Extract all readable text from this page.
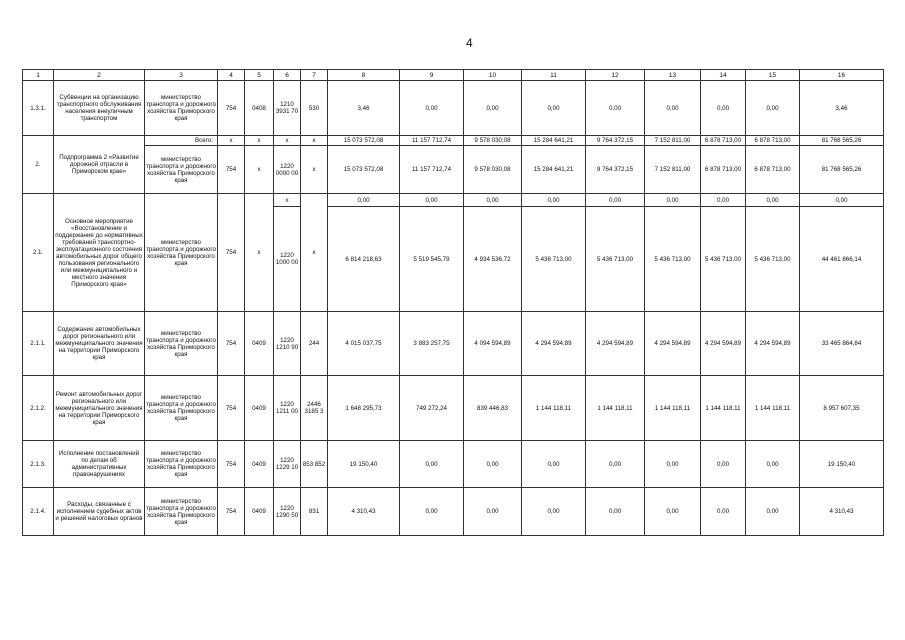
4
1	2	3	4	5	6	7	8	9	10	11	12	13	14	15	16
1.3.1.	Субвенции на организацию транспортного обслуживания населения внеуличным транспортом	министерство транспорта и дорожного хозяйства Приморского края	754	0408	1210 3931 70	530	3,46	0,00	0,00	0,00	0,00	0,00	0,00	0,00	3,46
2.	Подпрограмма 2 «Развитие дорожной отрасли в Приморском крае»	Всего:	x	x	x	x	15 073 572,08	11 157 712,74	9 578 030,08	15 284 641,21	9 764 372,15	7 152 811,00	6 878 713,00	6 878 713,00	81 768 565,26
		министерство транспорта и дорожного хозяйства Приморского края	754	x	1220 0000 00	x	15 073 572,08	11 157 712,74	9 578 030,08	15 284 641,21	9 764 372,15	7 152 811,00	6 878 713,00	6 878 713,00	81 768 565,26
2.1.	Основное мероприятие «Восстановление и поддержание до нормативных требований транспортно-эксплуатационного состояния автомобильных дорог общего пользования регионального или межмуниципального и местного значения Приморского края»	министерство транспорта и дорожного хозяйства Приморского края	754	x	x	x	0,00	0,00	0,00	0,00	0,00	0,00	0,00	0,00	0,00
					1220 1000 00		6 814 218,63	5 519 545,79	4 934 536,72	5 436 713,00	5 436 713,00	5 436 713,00	5 436 713,00	5 436 713,00	44 461 866,14
2.1.1.	Содержание автомобильных дорог регионального или межмуниципального значения на территории Приморского края	министерство транспорта и дорожного хозяйства Приморского края	754	0409	1220 1210 90	244	4 015 037,75	3 883 257,75	4 094 594,89	4 294 594,89	4 294 594,89	4 294 594,89	4 294 594,89	4 294 594,89	33 465 864,84
2.1.2.	Ремонт автомобильных дорог регионального или межмуниципального значения на территории Приморского края	министерство транспорта и дорожного хозяйства Приморского края	754	0409	1220 1211 00	2446 3185 3	1 648 295,73	749 272,24	839 446,83	1 144 118,11	1 144 118,11	1 144 118,11	1 144 118,11	1 144 118,11	8 957 607,35
2.1.3.	Исполнение постановлений по делам об административных правонарушениях	министерство транспорта и дорожного хозяйства Приморского края	754	0409	1220 1229 10	853 852	19 150,40	0,00	0,00	0,00	0,00	0,00	0,00	0,00	19 150,40
2.1.4.	Расходы, связанные с исполнением судебных актов и решений налоговых органов	министерство транспорта и дорожного хозяйства Приморского края	754	0409	1220 1290 50	831	4 310,43	0,00	0,00	0,00	0,00	0,00	0,00	0,00	4 310,43
